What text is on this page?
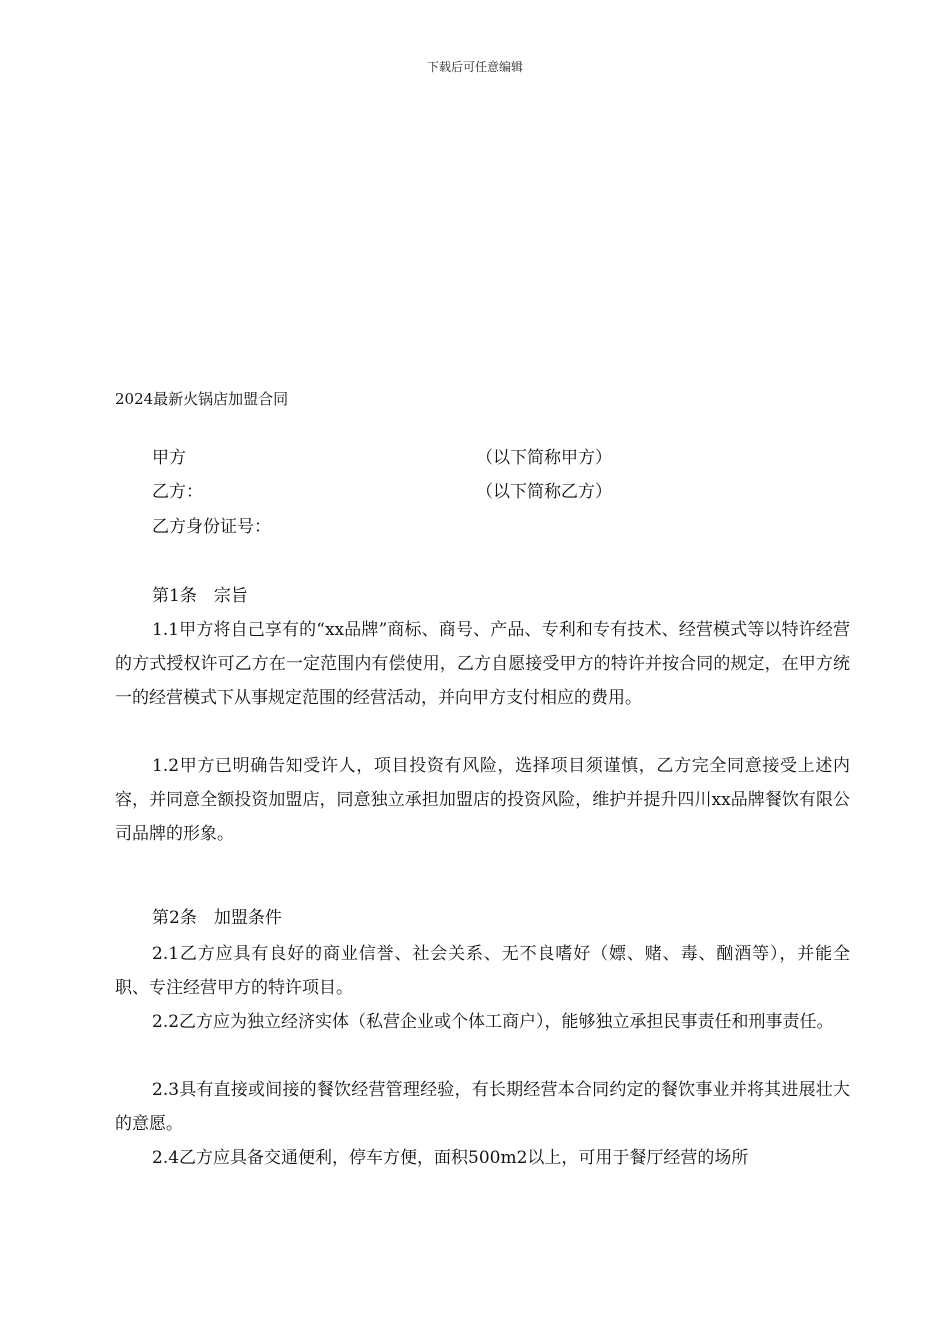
下载后可任意编辑
2024最新火锅店加盟合同
甲方	（以下简称甲方）
乙方：	（以下简称乙方）
乙方身份证号：
第1条　宗旨
1.1甲方将自己享有的“xx品牌”商标、商号、产品、专利和专有技术、经营模式等以特许经营的方式授权许可乙方在一定范围内有偿使用，乙方自愿接受甲方的特许并按合同的规定，在甲方统一的经营模式下从事规定范围的经营活动，并向甲方支付相应的费用。
1.2甲方已明确告知受许人，项目投资有风险，选择项目须谨慎，乙方完全同意接受上述内容，并同意全额投资加盟店，同意独立承担加盟店的投资风险，维护并提升四川xx品牌餐饮有限公司品牌的形象。
第2条　加盟条件
2.1乙方应具有良好的商业信誉、社会关系、无不良嗜好（嫖、赌、毒、酗酒等），并能全职、专注经营甲方的特许项目。
2.2乙方应为独立经济实体（私营企业或个体工商户），能够独立承担民事责任和刑事责任。
2.3具有直接或间接的餐饮经营管理经验，有长期经营本合同约定的餐饮事业并将其进展壮大的意愿。
2.4乙方应具备交通便利，停车方便，面积500m2以上，可用于餐厅经营的场所
